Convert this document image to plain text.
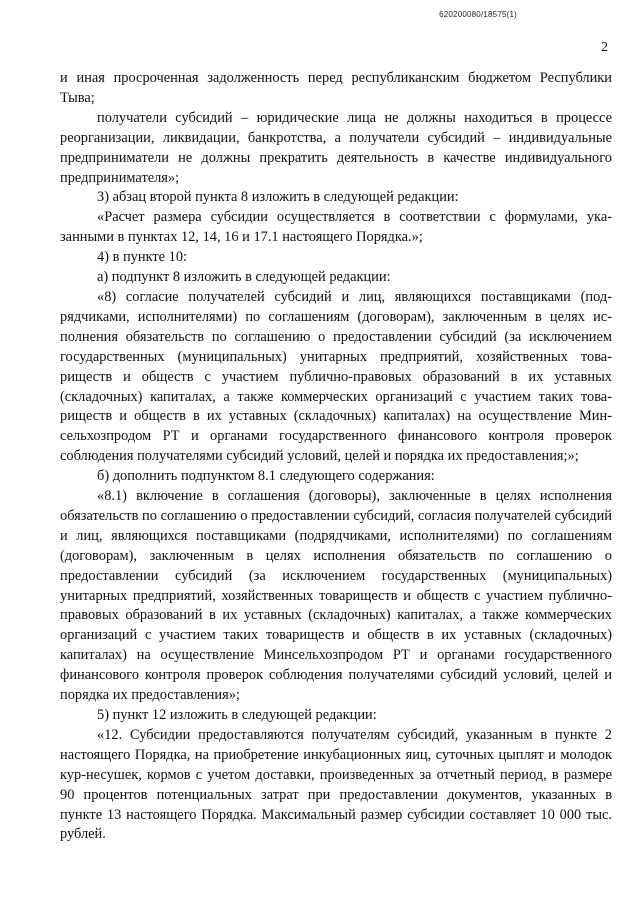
620200080/18575(1)
2

и иная просроченная задолженность перед республиканским бюджетом Республики Тыва;

получатели субсидий – юридические лица не должны находиться в процессе реорганизации, ликвидации, банкротства, а получатели субсидий – индивидуальные предприниматели не должны прекратить деятельность в качестве индивидуального предпринимателя»;

3) абзац второй пункта 8 изложить в следующей редакции:

«Расчет размера субсидии осуществляется в соответствии с формулами, указанными в пунктах 12, 14, 16 и 17.1 настоящего Порядка.»;

4) в пункте 10:

а) подпункт 8 изложить в следующей редакции:

«8) согласие получателей субсидий и лиц, являющихся поставщиками (подрядчиками, исполнителями) по соглашениям (договорам), заключенным в целях исполнения обязательств по соглашению о предоставлении субсидий (за исключением государственных (муниципальных) унитарных предприятий, хозяйственных товариществ и обществ с участием публично-правовых образований в их уставных (складочных) капиталах, а также коммерческих организаций с участием таких товариществ и обществ в их уставных (складочных) капиталах) на осуществление Минсельхозпродом РТ и органами государственного финансового контроля проверок соблюдения получателями субсидий условий, целей и порядка их предоставления;»;

б) дополнить подпунктом 8.1 следующего содержания:

«8.1) включение в соглашения (договоры), заключенные в целях исполнения обязательств по соглашению о предоставлении субсидий, согласия получателей субсидий и лиц, являющихся поставщиками (подрядчиками, исполнителями) по соглашениям (договорам), заключенным в целях исполнения обязательств по соглашению о предоставлении субсидий (за исключением государственных (муниципальных) унитарных предприятий, хозяйственных товариществ и обществ с участием публично-правовых образований в их уставных (складочных) капиталах, а также коммерческих организаций с участием таких товариществ и обществ в их уставных (складочных) капиталах) на осуществление Минсельхозпродом РТ и органами государственного финансового контроля проверок соблюдения получателями субсидий условий, целей и порядка их предоставления»;

5) пункт 12 изложить в следующей редакции:

«12. Субсидии предоставляются получателям субсидий, указанным в пункте 2 настоящего Порядка, на приобретение инкубационных яиц, суточных цыплят и молодок кур-несушек, кормов с учетом доставки, произведенных за отчетный период, в размере 90 процентов потенциальных затрат при предоставлении документов, указанных в пункте 13 настоящего Порядка. Максимальный размер субсидии составляет 10 000 тыс. рублей.
